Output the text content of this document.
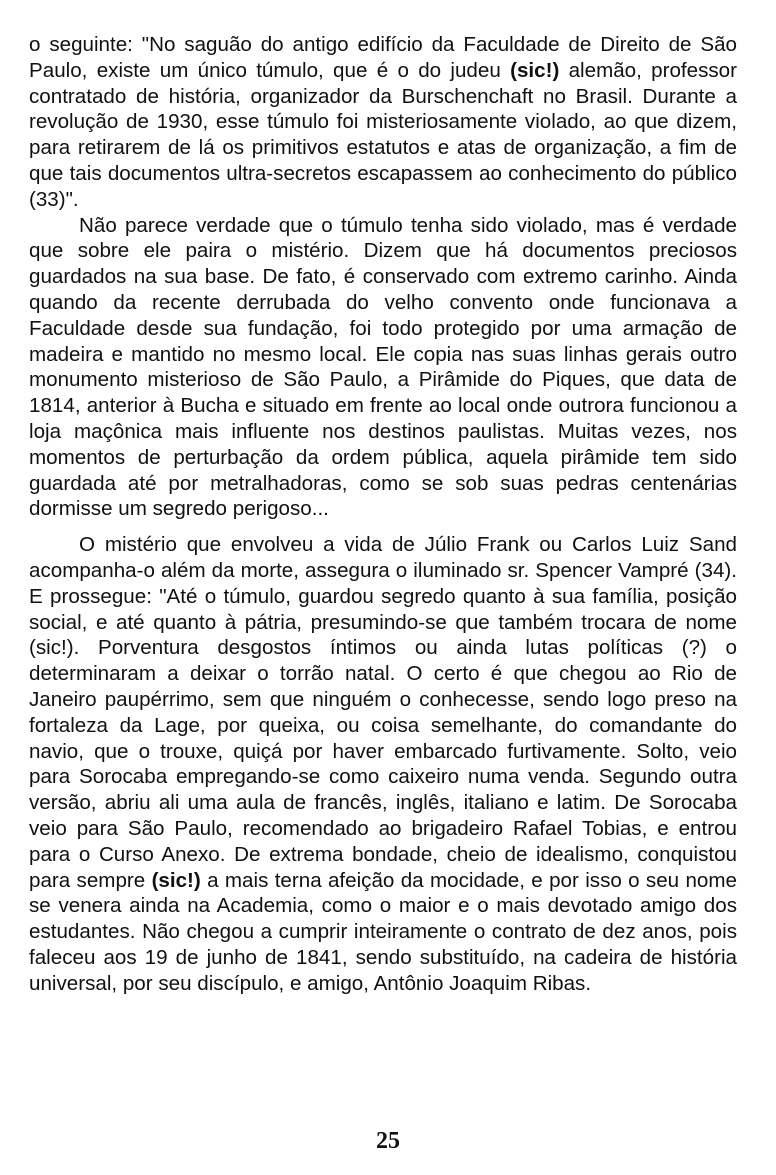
o seguinte: "No saguão do antigo edifício da Faculdade de Direito de São Paulo, existe um único túmulo, que é o do judeu (sic!) alemão, professor contratado de história, organizador da Burschenchaft no Brasil. Durante a revolução de 1930, esse túmulo foi misteriosamente violado, ao que dizem, para retirarem de lá os primitivos estatutos e atas de organização, a fim de que tais documentos ultra-secretos escapassem ao conhecimento do público (33)".

Não parece verdade que o túmulo tenha sido violado, mas é verdade que sobre ele paira o mistério. Dizem que há documentos preciosos guardados na sua base. De fato, é conservado com extremo carinho. Ainda quando da recente derrubada do velho convento onde funcionava a Faculdade desde sua fundação, foi todo protegido por uma armação de madeira e mantido no mesmo local. Ele copia nas suas linhas gerais outro monumento misterioso de São Paulo, a Pirâmide do Piques, que data de 1814, anterior à Bucha e situado em frente ao local onde outrora funcionou a loja maçônica mais influente nos destinos paulistas. Muitas vezes, nos momentos de perturbação da ordem pública, aquela pirâmide tem sido guardada até por metralhadoras, como se sob suas pedras centenárias dormisse um segredo perigoso...

O mistério que envolveu a vida de Júlio Frank ou Carlos Luiz Sand acompanha-o além da morte, assegura o iluminado sr. Spencer Vampré (34). E prossegue: "Até o túmulo, guardou segredo quanto à sua família, posição social, e até quanto à pátria, presumindo-se que também trocara de nome (sic!). Porventura desgostos íntimos ou ainda lutas políticas (?) o determinaram a deixar o torrão natal. O certo é que chegou ao Rio de Janeiro paupérrimo, sem que ninguém o conhecesse, sendo logo preso na fortaleza da Lage, por queixa, ou coisa semelhante, do comandante do navio, que o trouxe, quiçá por haver embarcado furtivamente. Solto, veio para Sorocaba empregando-se como caixeiro numa venda. Segundo outra versão, abriu ali uma aula de francês, inglês, italiano e latim. De Sorocaba veio para São Paulo, recomendado ao brigadeiro Rafael Tobias, e entrou para o Curso Anexo. De extrema bondade, cheio de idealismo, conquistou para sempre (sic!) a mais terna afeição da mocidade, e por isso o seu nome se venera ainda na Academia, como o maior e o mais devotado amigo dos estudantes. Não chegou a cumprir inteiramente o contrato de dez anos, pois faleceu aos 19 de junho de 1841, sendo substituído, na cadeira de história universal, por seu discípulo, e amigo, Antônio Joaquim Ribas.

25
